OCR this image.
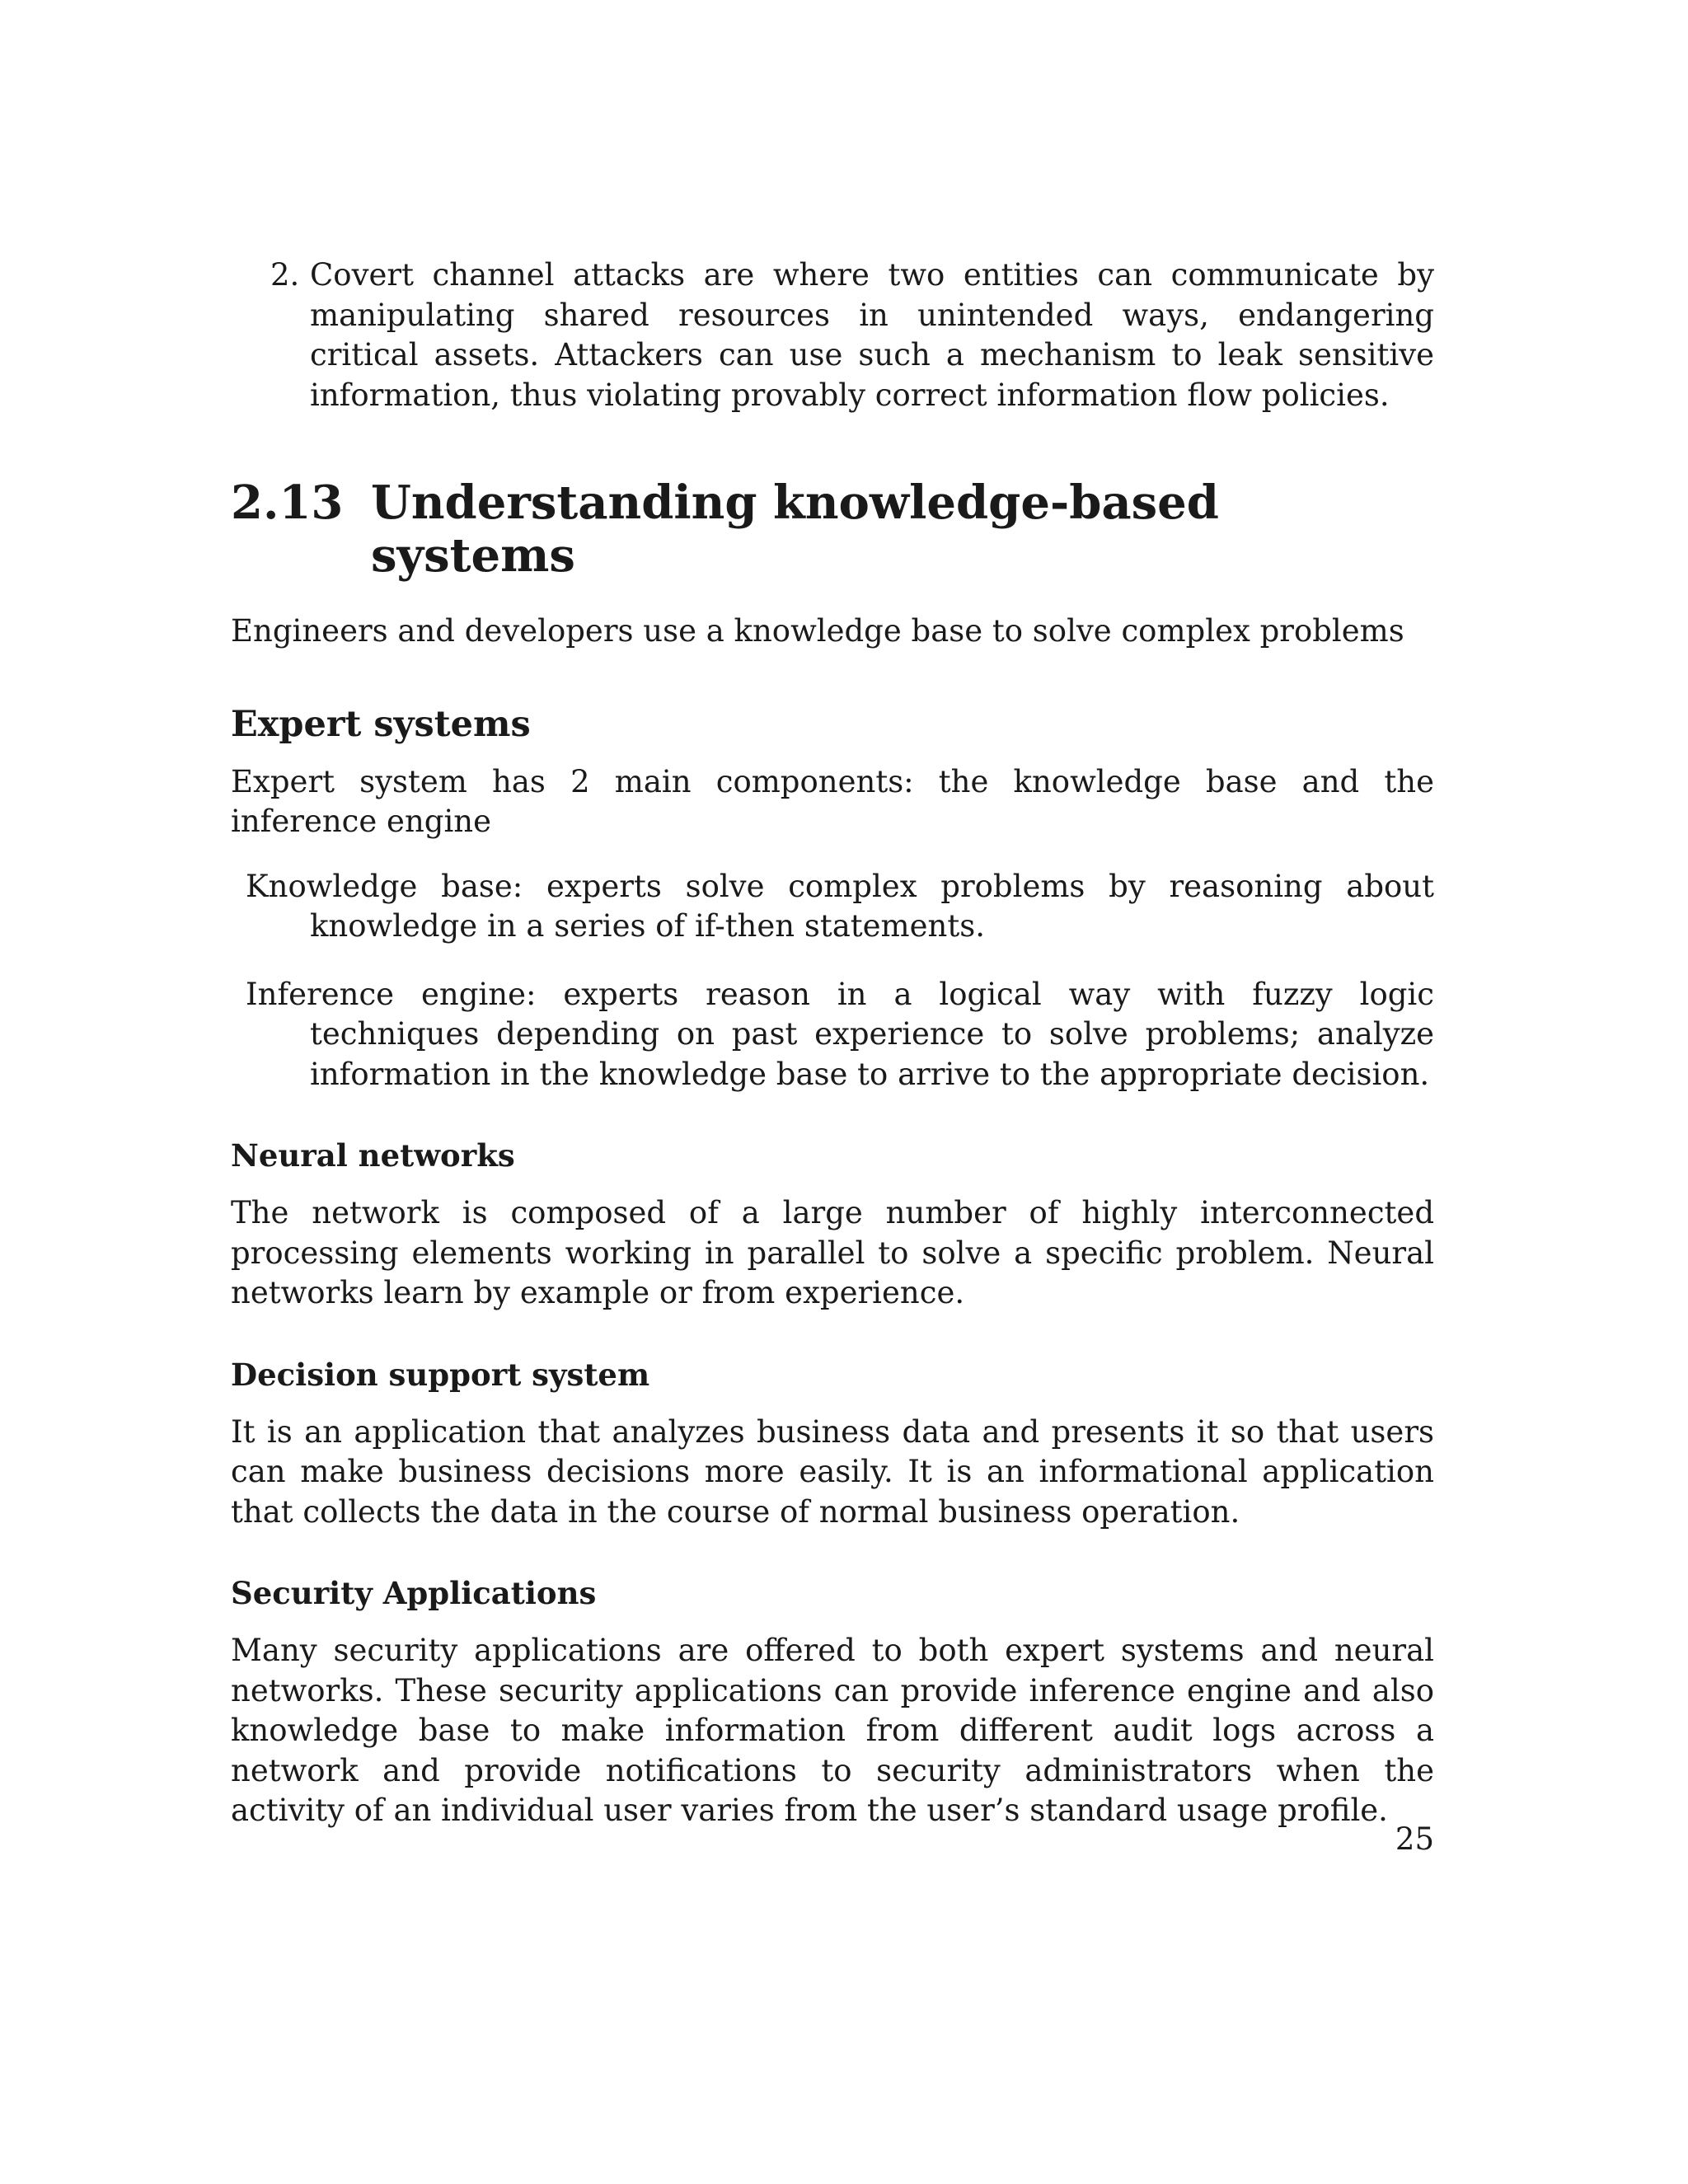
2. Covert channel attacks are where two entities can communicate by manipulating shared resources in unintended ways, endangering critical assets. Attackers can use such a mechanism to leak sensitive information, thus violating provably correct information flow policies.
2.13 Understanding knowledge-based systems

Engineers and developers use a knowledge base to solve complex problems

Expert systems

Expert system has 2 main components: the knowledge base and the inference engine

Knowledge base: experts solve complex problems by reasoning about knowledge in a series of if-then statements.
Inference engine: experts reason in a logical way with fuzzy logic techniques depending on past experience to solve problems; analyze information in the knowledge base to arrive to the appropriate decision.
Neural networks

The network is composed of a large number of highly interconnected processing elements working in parallel to solve a specific problem. Neural networks learn by example or from experience.

Decision support system

It is an application that analyzes business data and presents it so that users can make business decisions more easily. It is an informational application that collects the data in the course of normal business operation.

Security Applications

Many security applications are offered to both expert systems and neural networks. These security applications can provide inference engine and also knowledge base to make information from different audit logs across a network and provide notifications to security administrators when the activity of an individual user varies from the user’s standard usage profile.

25
